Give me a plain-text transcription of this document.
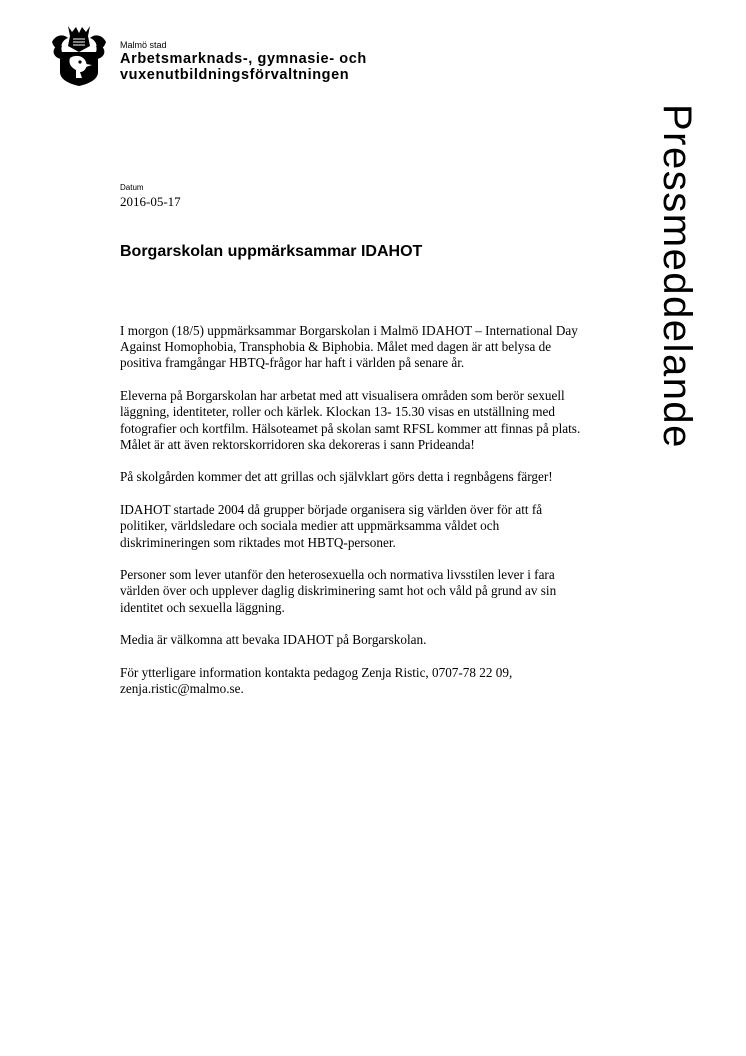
Malmö stad
Arbetsmarknads-, gymnasie- och
vuxenutbildningsförvaltningen
Pressmeddelande
Datum
2016-05-17
Borgarskolan uppmärksammar IDAHOT

I morgon (18/5) uppmärksammar Borgarskolan i Malmö IDAHOT – International Day Against Homophobia, Transphobia & Biphobia. Målet med dagen är att belysa de positiva framgångar HBTQ-frågor har haft i världen på senare år.

Eleverna på Borgarskolan har arbetat med att visualisera områden som berör sexuell läggning, identiteter, roller och kärlek. Klockan 13- 15.30 visas en utställning med fotografier och kortfilm. Hälsoteamet på skolan samt RFSL kommer att finnas på plats. Målet är att även rektorskorridoren ska dekoreras i sann Prideanda!

På skolgården kommer det att grillas och självklart görs detta i regnbågens färger!

IDAHOT startade 2004 då grupper började organisera sig världen över för att få politiker, världsledare och sociala medier att uppmärksamma våldet och diskrimineringen som riktades mot HBTQ-personer.

Personer som lever utanför den heterosexuella och normativa livsstilen lever i fara världen över och upplever daglig diskriminering samt hot och våld på grund av sin identitet och sexuella läggning.

Media är välkomna att bevaka IDAHOT på Borgarskolan.

För ytterligare information kontakta pedagog Zenja Ristic, 0707-78 22 09, zenja.ristic@malmo.se.
